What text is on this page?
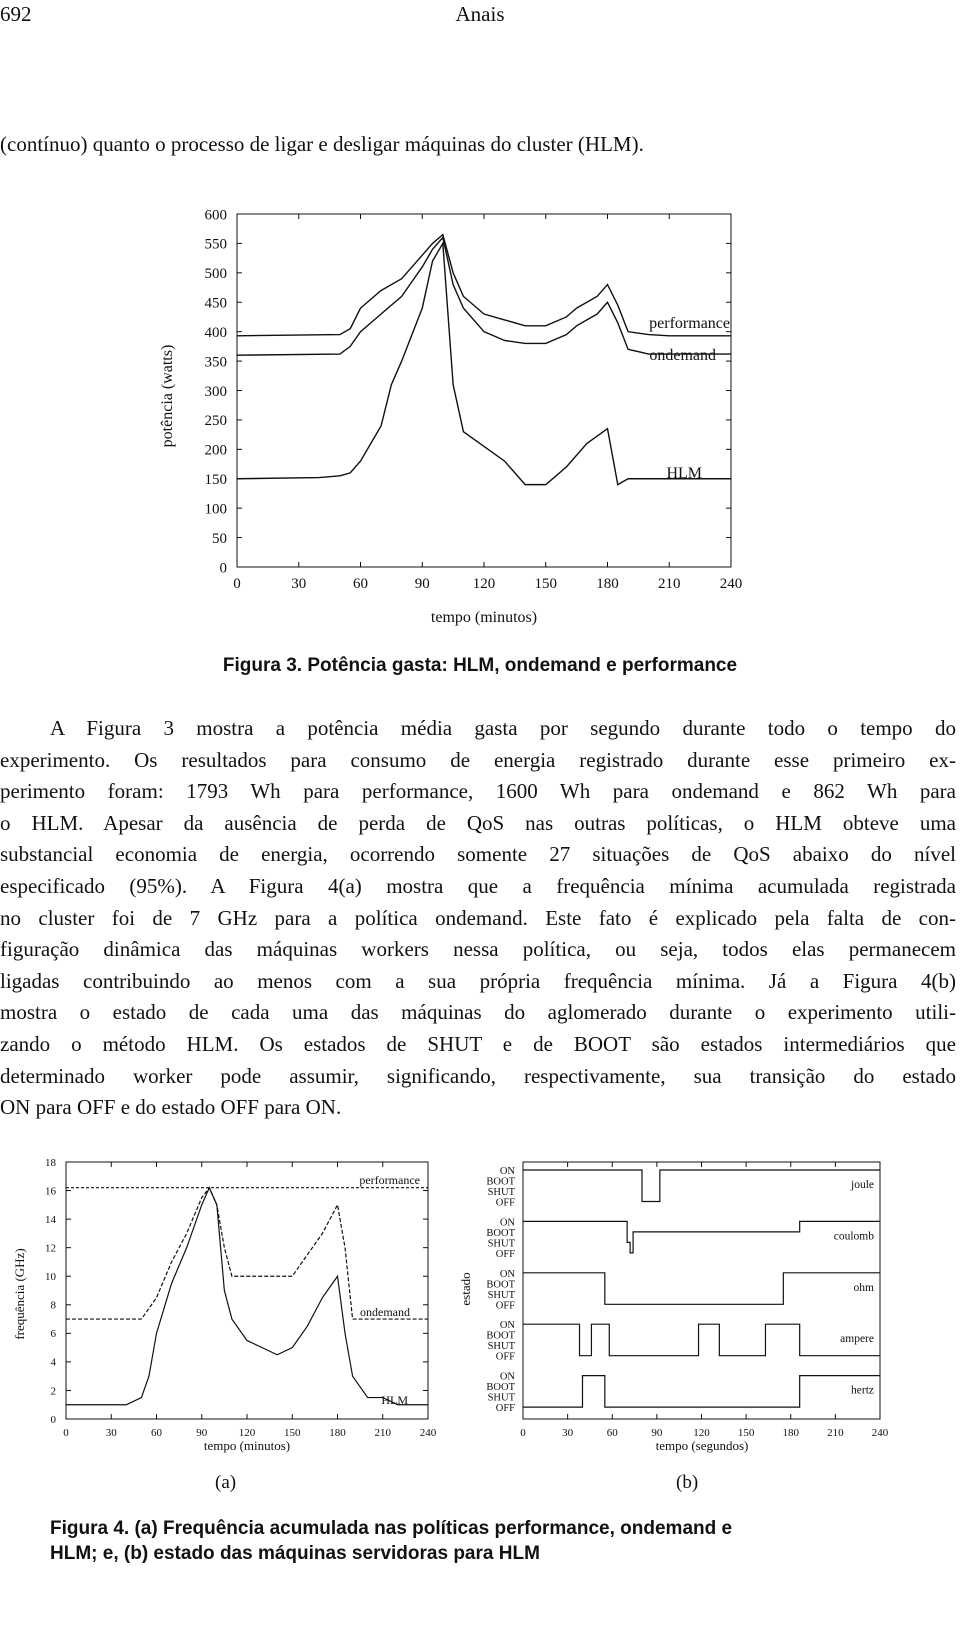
692	Anais
(contínuo) quanto o processo de ligar e desligar máquinas do cluster (HLM).
potência (watts)
tempo (minutos)
0
50
100
150
200
250
300
350
400
450
500
550
600
0	30	60	90	120	150	180	210	240
performance
ondemand
HLM
Figura 3. Potência gasta: HLM, ondemand e performance
A Figura 3 mostra a potência média gasta por segundo durante todo o tempo do
experimento. Os resultados para consumo de energia registrado durante esse primeiro ex-
perimento foram: 1793 Wh para performance, 1600 Wh para ondemand e 862 Wh para
o HLM. Apesar da ausência de perda de QoS nas outras políticas, o HLM obteve uma
substancial economia de energia, ocorrendo somente 27 situações de QoS abaixo do nível
especificado (95%). A Figura 4(a) mostra que a frequência mínima acumulada registrada
no cluster foi de 7 GHz para a política ondemand. Este fato é explicado pela falta de con-
figuração dinâmica das máquinas workers nessa política, ou seja, todos elas permanecem
ligadas contribuindo ao menos com a sua própria frequência mínima. Já a Figura 4(b)
mostra o estado de cada uma das máquinas do aglomerado durante o experimento utili-
zando o método HLM. Os estados de SHUT e de BOOT são estados intermediários que
determinado worker pode assumir, significando, respectivamente, sua transição do estado
ON para OFF e do estado OFF para ON.
frequência (GHz)
tempo (minutos)
0
2
4
6
8
10
12
14
16
18
0	30	60	90	120	150	180	210	240
performance
ondemand
HLM
(a)
estado
tempo (segundos)
0	30	60	90	120	150	180	210	240
ON
BOOT
SHUT
OFF
joule
ON
BOOT
SHUT
OFF
coulomb
ON
BOOT
SHUT
OFF
ohm
ON
BOOT
SHUT
OFF
ampere
ON
BOOT
SHUT
OFF
hertz
(b)
Figura 4. (a) Frequência acumulada nas políticas performance, ondemand e
HLM; e, (b) estado das máquinas servidoras para HLM
